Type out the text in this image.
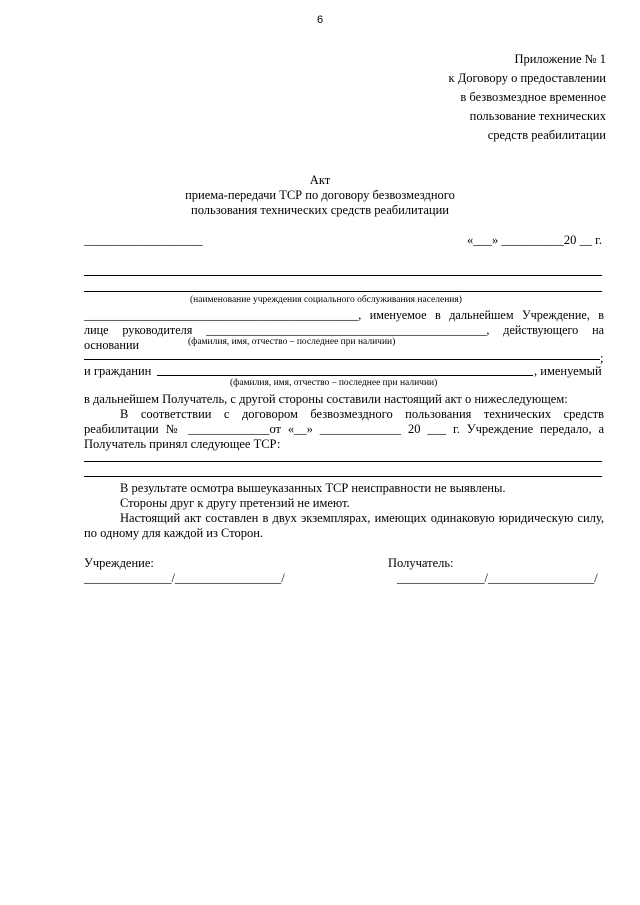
6
Приложение № 1
к Договору о предоставлении
в безвозмездное временное
пользование технических
средств реабилитации
Акт
приема-передачи ТСР по договору безвозмездного
пользования технических средств реабилитации
___________________	«___» __________20 __ г.
(наименование учреждения социального обслуживания населения)
_____________________________________________, именуемое в дальнейшем Учреждение, в
лице руководителя ______________________________________________, действующего на основании	(фамилия, имя, отчество – последнее при наличии)
;
и гражданин	, именуемый
(фамилия, имя, отчество – последнее при наличии)
в дальнейшем Получатель, с другой стороны составили настоящий акт о нижеследующем:
В соответствии с договором безвозмездного пользования технических средств
реабилитации № _____________от «__» _____________ 20 ___ г. Учреждение передало, а
Получатель принял следующее ТСР:
В результате осмотра вышеуказанных ТСР неисправности не выявлены.
Стороны друг к другу претензий не имеют.
Настоящий акт составлен в двух экземплярах, имеющих одинаковую юридическую силу, по одному для каждой из Сторон.
Учреждение:	Получатель:
______________/_________________/	______________/_________________/
